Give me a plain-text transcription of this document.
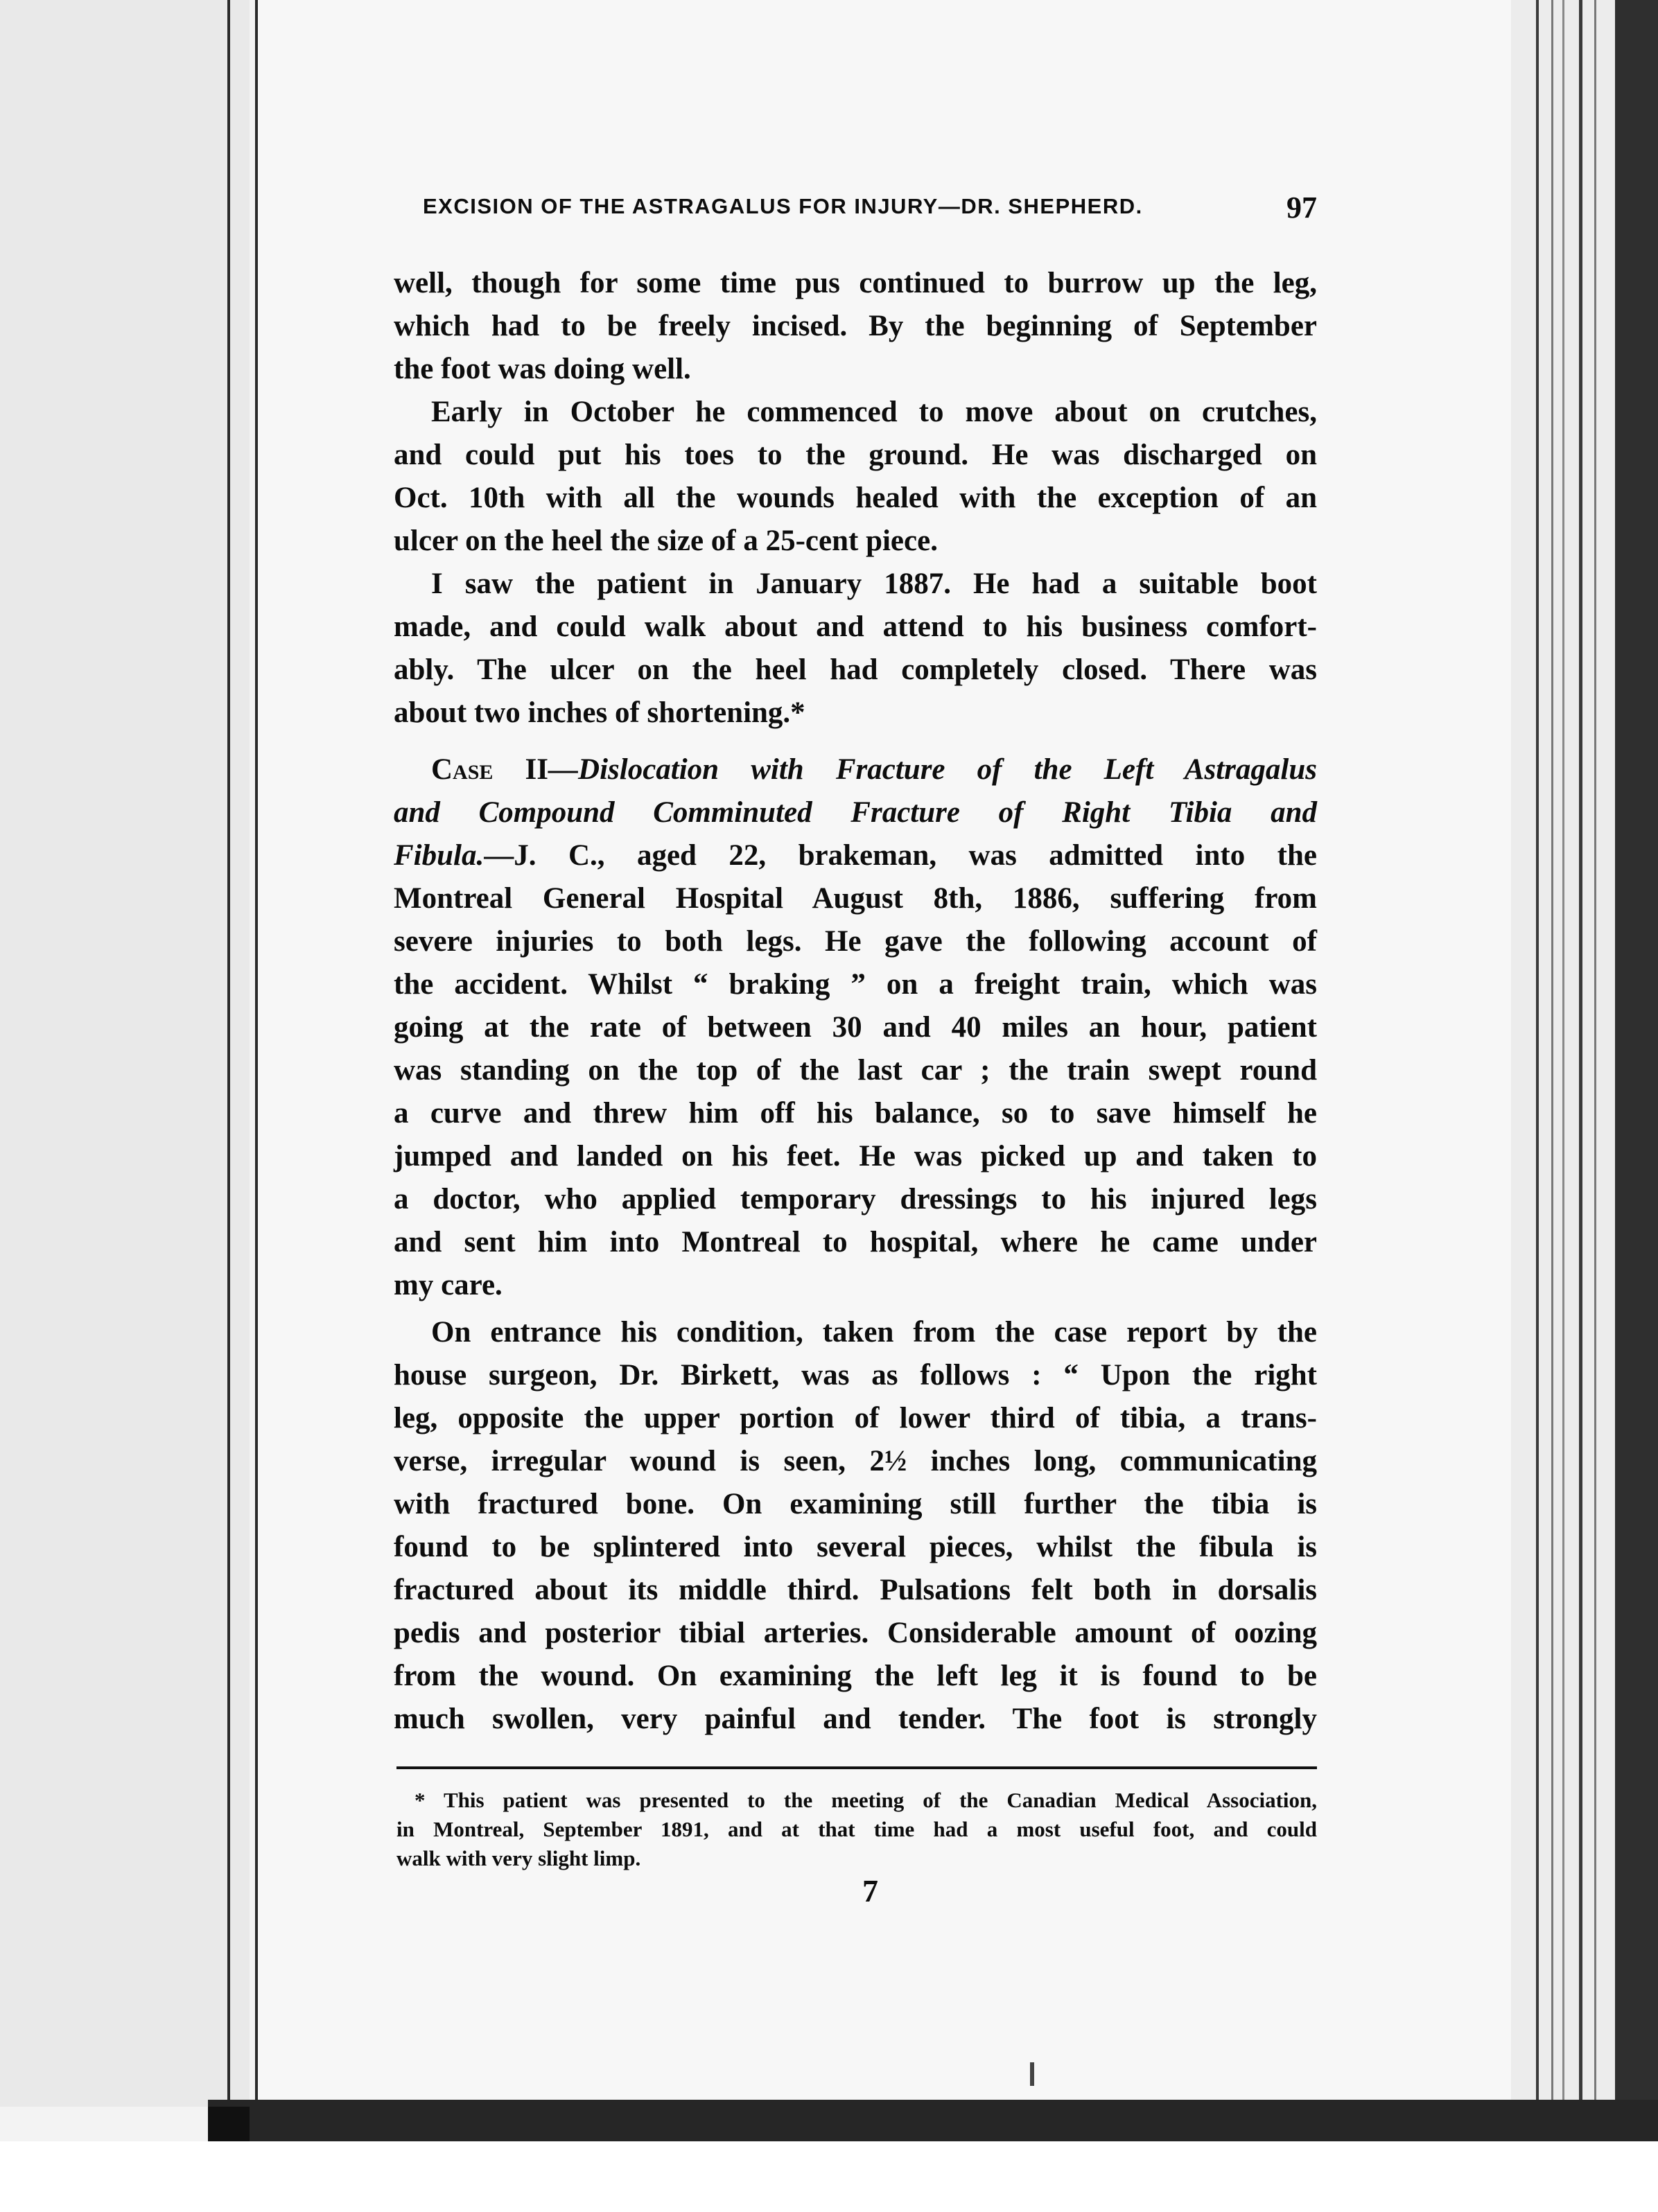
EXCISION OF THE ASTRAGALUS FOR INJURY—DR. SHEPHERD.	97
well, though for some time pus continued to burrow up the leg,
which had to be freely incised. By the beginning of September
the foot was doing well.
Early in October he commenced to move about on crutches,
and could put his toes to the ground. He was discharged on
Oct. 10th with all the wounds healed with the exception of an
ulcer on the heel the size of a 25-cent piece.
I saw the patient in January 1887. He had a suitable boot
made, and could walk about and attend to his business comfort-
ably. The ulcer on the heel had completely closed. There was
about two inches of shortening.*
Case II—Dislocation with Fracture of the Left Astragalus
and Compound Comminuted Fracture of Right Tibia and
Fibula.—J. C., aged 22, brakeman, was admitted into the
Montreal General Hospital August 8th, 1886, suffering from
severe injuries to both legs. He gave the following account of
the accident. Whilst “ braking ” on a freight train, which was
going at the rate of between 30 and 40 miles an hour, patient
was standing on the top of the last car ; the train swept round
a curve and threw him off his balance, so to save himself he
jumped and landed on his feet. He was picked up and taken to
a doctor, who applied temporary dressings to his injured legs
and sent him into Montreal to hospital, where he came under
my care.
On entrance his condition, taken from the case report by the
house surgeon, Dr. Birkett, was as follows : “ Upon the right
leg, opposite the upper portion of lower third of tibia, a trans-
verse, irregular wound is seen, 2½ inches long, communicating
with fractured bone. On examining still further the tibia is
found to be splintered into several pieces, whilst the fibula is
fractured about its middle third. Pulsations felt both in dorsalis
pedis and posterior tibial arteries. Considerable amount of oozing
from the wound. On examining the left leg it is found to be
much swollen, very painful and tender. The foot is strongly
* This patient was presented to the meeting of the Canadian Medical Association,
in Montreal, September 1891, and at that time had a most useful foot, and could
walk with very slight limp.
7
